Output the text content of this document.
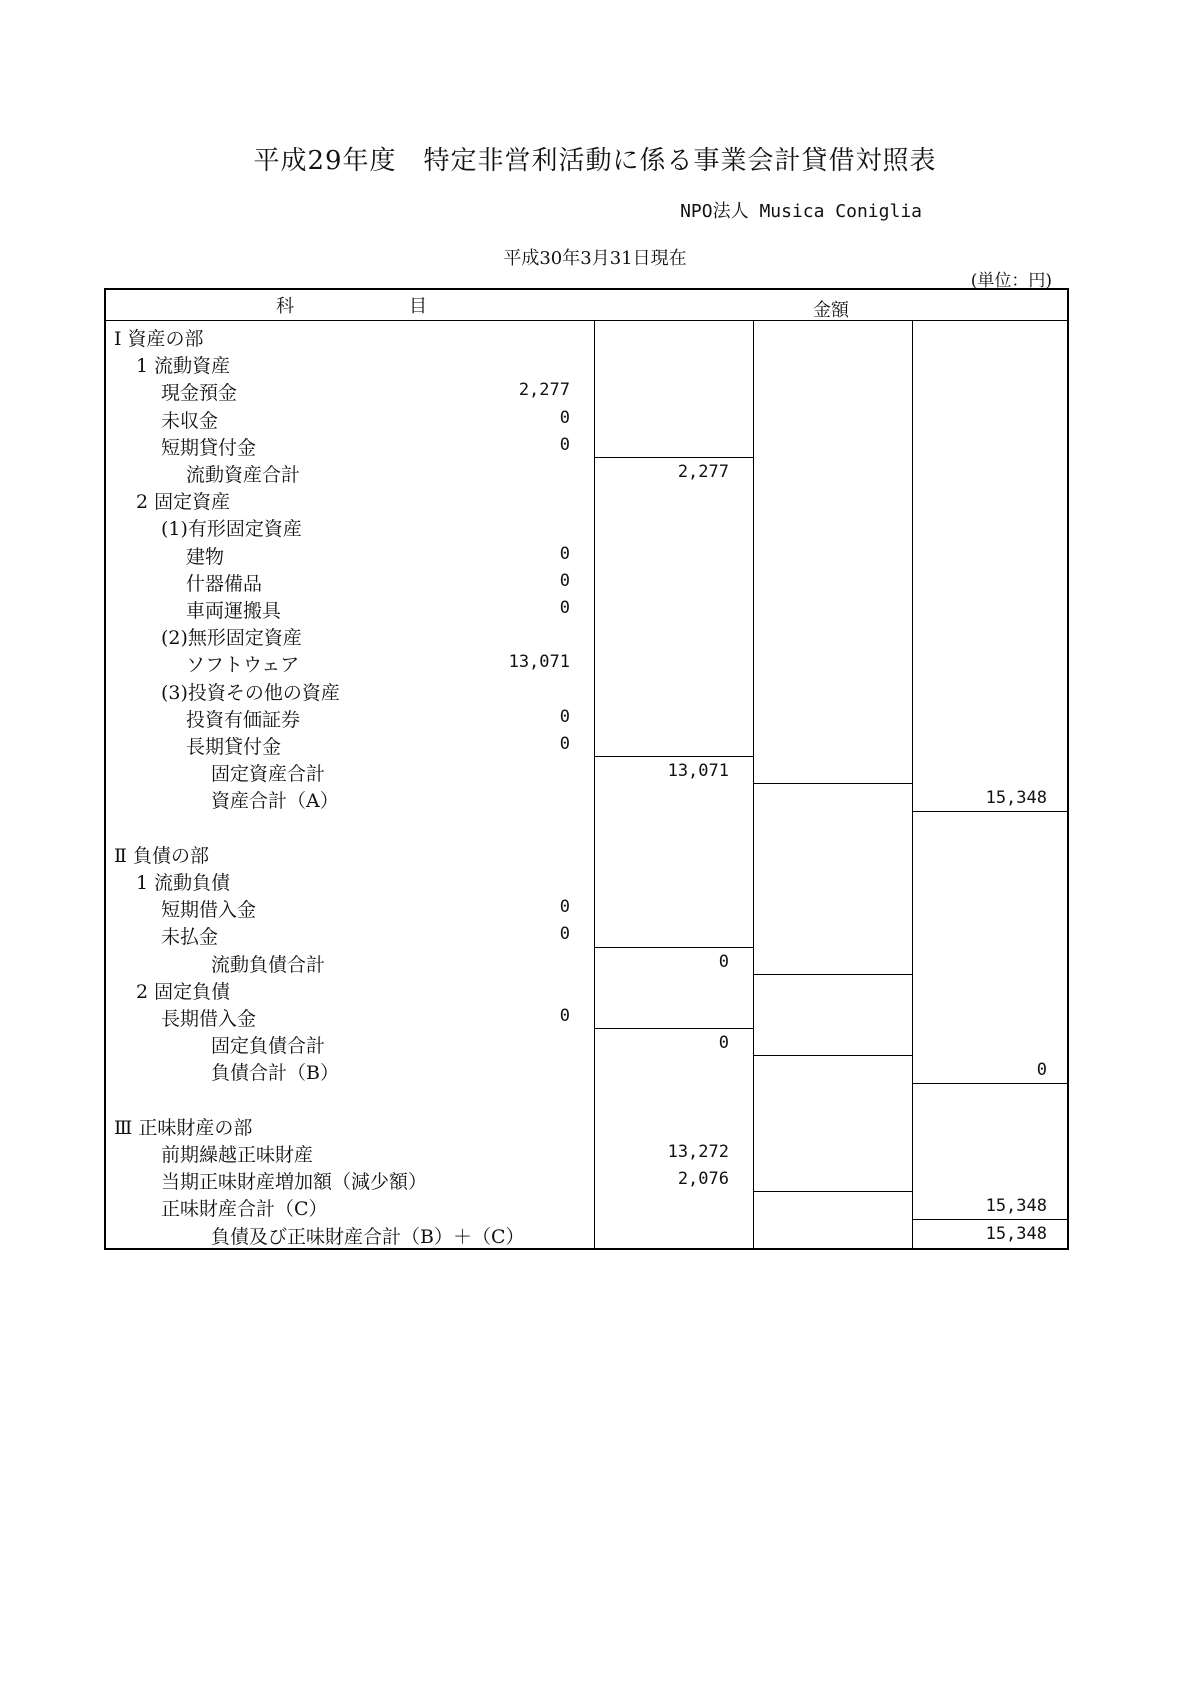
平成29年度　特定非営利活動に係る事業会計貸借対照表
NPO法人 Musica Coniglia
平成30年3月31日現在
(単位：円)
科	目	金額
Ⅰ 資産の部
1 流動資産
現金預金	2,277
未収金	0
短期貸付金	0
流動資産合計	2,277
2 固定資産
(1)有形固定資産
建物	0
什器備品	0
車両運搬具	0
(2)無形固定資産
ソフトウェア	13,071
(3)投資その他の資産
投資有価証券	0
長期貸付金	0
固定資産合計	13,071
資産合計（A）	15,348
Ⅱ 負債の部
1 流動負債
短期借入金	0
未払金	0
流動負債合計	0
2 固定負債
長期借入金	0
固定負債合計	0
負債合計（B）	0
Ⅲ 正味財産の部
前期繰越正味財産	13,272
当期正味財産増加額（減少額）	2,076
正味財産合計（C）	15,348
負債及び正味財産合計（B）＋（C）	15,348
